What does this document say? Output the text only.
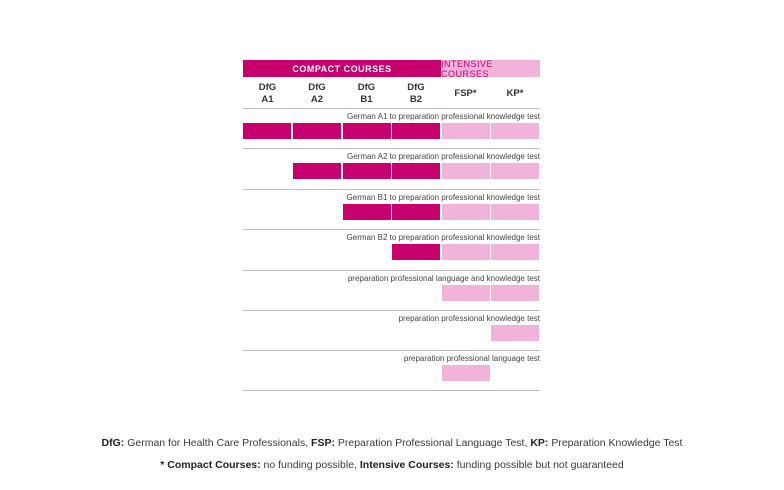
COMPACT COURSES	INTENSIVE COURSES
DfG
A1
DfG
A2
DfG
B1
DfG
B2
FSP*	KP*
German A1 to preparation professional knowledge test
German A2 to preparation professional knowledge test
German B1 to preparation professional knowledge test
German B2 to preparation professional knowledge test
preparation professional language and knowledge test
preparation professional knowledge test
preparation professional language test
DfG: German for Health Care Professionals, FSP: Preparation Professional Language Test, KP: Preparation Knowledge Test
* Compact Courses: no funding possible, Intensive Courses: funding possible but not guaranteed
